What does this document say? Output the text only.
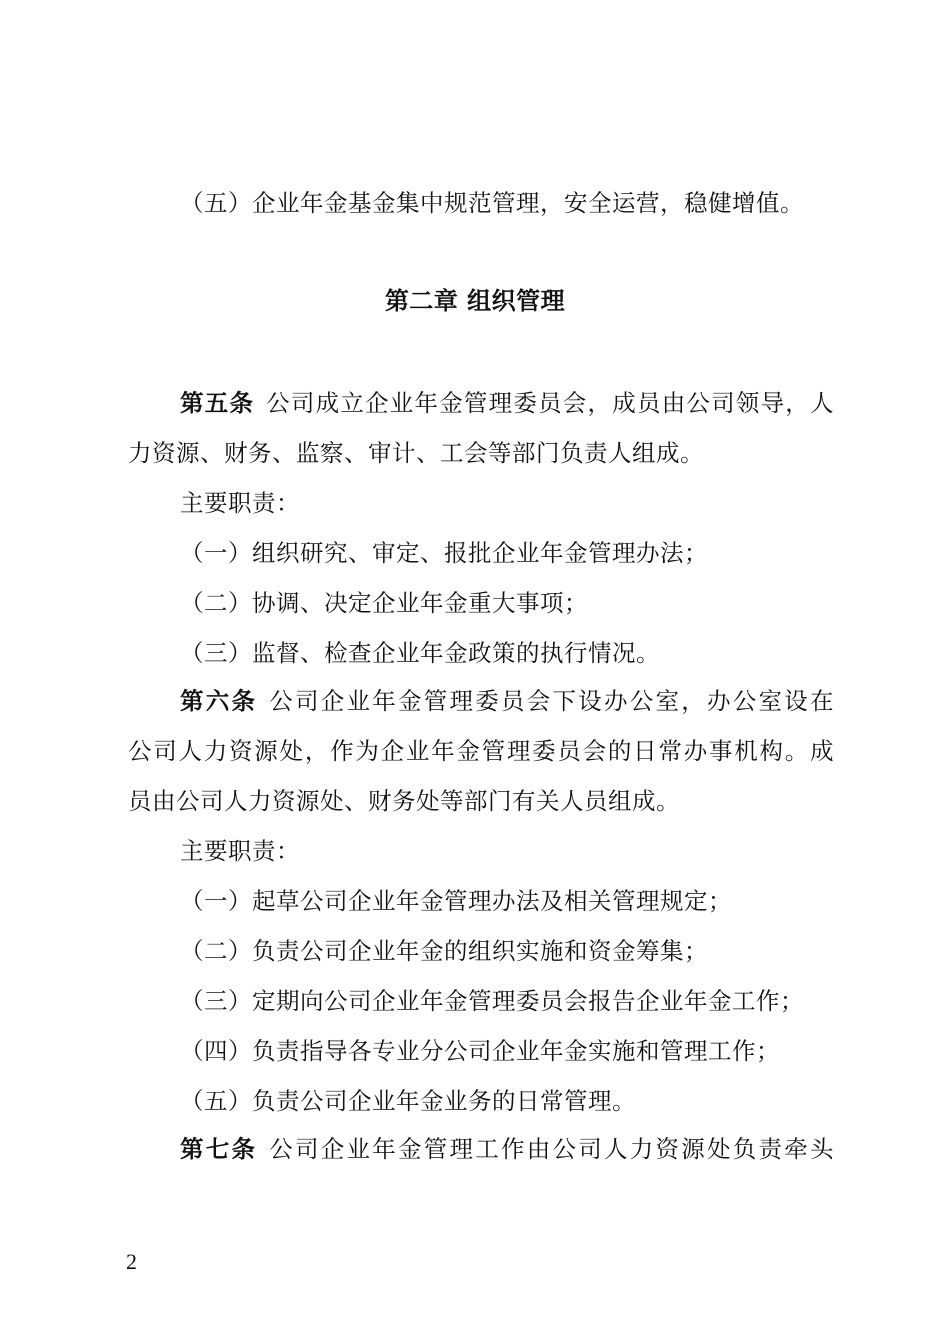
（五）企业年金基金集中规范管理，安全运营，稳健增值。
第二章 组织管理
第五条 公司成立企业年金管理委员会，成员由公司领导，人
力资源、财务、监察、审计、工会等部门负责人组成。
主要职责：
（一）组织研究、审定、报批企业年金管理办法；
（二）协调、决定企业年金重大事项；
（三）监督、检查企业年金政策的执行情况。
第六条 公司企业年金管理委员会下设办公室，办公室设在
公司人力资源处，作为企业年金管理委员会的日常办事机构。成
员由公司人力资源处、财务处等部门有关人员组成。
主要职责：
（一）起草公司企业年金管理办法及相关管理规定；
（二）负责公司企业年金的组织实施和资金筹集；
（三）定期向公司企业年金管理委员会报告企业年金工作；
（四）负责指导各专业分公司企业年金实施和管理工作；
（五）负责公司企业年金业务的日常管理。
第七条 公司企业年金管理工作由公司人力资源处负责牵头
2
